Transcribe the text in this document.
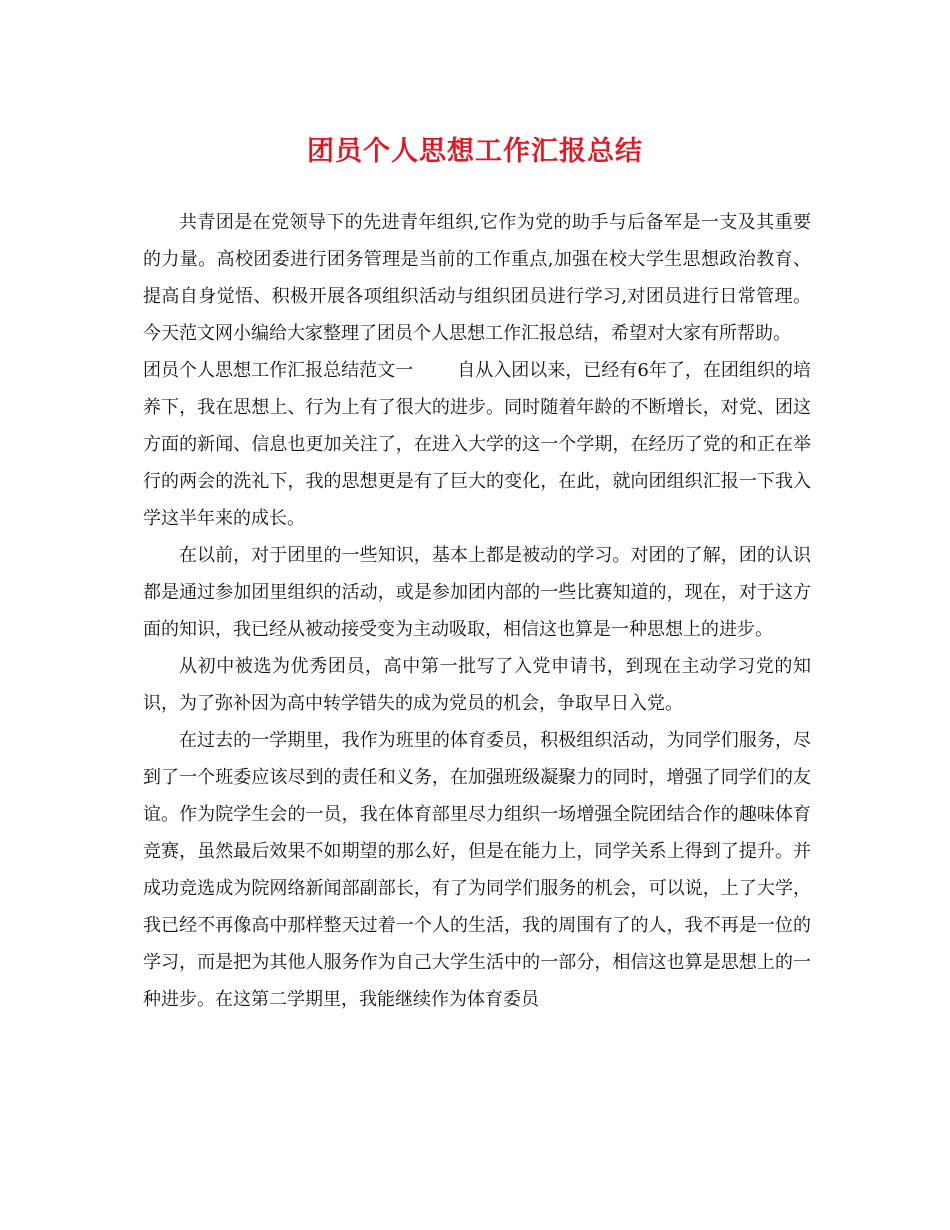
团员个人思想工作汇报总结

共青团是在党领导下的先进青年组织,它作为党的助手与后备军是一支及其重要的力量。高校团委进行团务管理是当前的工作重点,加强在校大学生思想政治教育、提高自身觉悟、积极开展各项组织活动与组织团员进行学习,对团员进行日常管理。今天范文网小编给大家整理了团员个人思想工作汇报总结，希望对大家有所帮助。

团员个人思想工作汇报总结范文一 自从入团以来，已经有6年了，在团组织的培养下，我在思想上、行为上有了很大的进步。同时随着年龄的不断增长，对党、团这方面的新闻、信息也更加关注了，在进入大学的这一个学期，在经历了党的和正在举行的两会的洗礼下，我的思想更是有了巨大的变化，在此，就向团组织汇报一下我入学这半年来的成长。

在以前，对于团里的一些知识，基本上都是被动的学习。对团的了解，团的认识都是通过参加团里组织的活动，或是参加团内部的一些比赛知道的，现在，对于这方面的知识，我已经从被动接受变为主动吸取，相信这也算是一种思想上的进步。

从初中被选为优秀团员，高中第一批写了入党申请书，到现在主动学习党的知识，为了弥补因为高中转学错失的成为党员的机会，争取早日入党。

在过去的一学期里，我作为班里的体育委员，积极组织活动，为同学们服务，尽到了一个班委应该尽到的责任和义务，在加强班级凝聚力的同时，增强了同学们的友谊。作为院学生会的一员，我在体育部里尽力组织一场增强全院团结合作的趣味体育竞赛，虽然最后效果不如期望的那么好，但是在能力上，同学关系上得到了提升。并成功竞选成为院网络新闻部副部长，有了为同学们服务的机会，可以说，上了大学，我已经不再像高中那样整天过着一个人的生活，我的周围有了的人，我不再是一位的学习，而是把为其他人服务作为自己大学生活中的一部分，相信这也算是思想上的一种进步。在这第二学期里，我能继续作为体育委员
